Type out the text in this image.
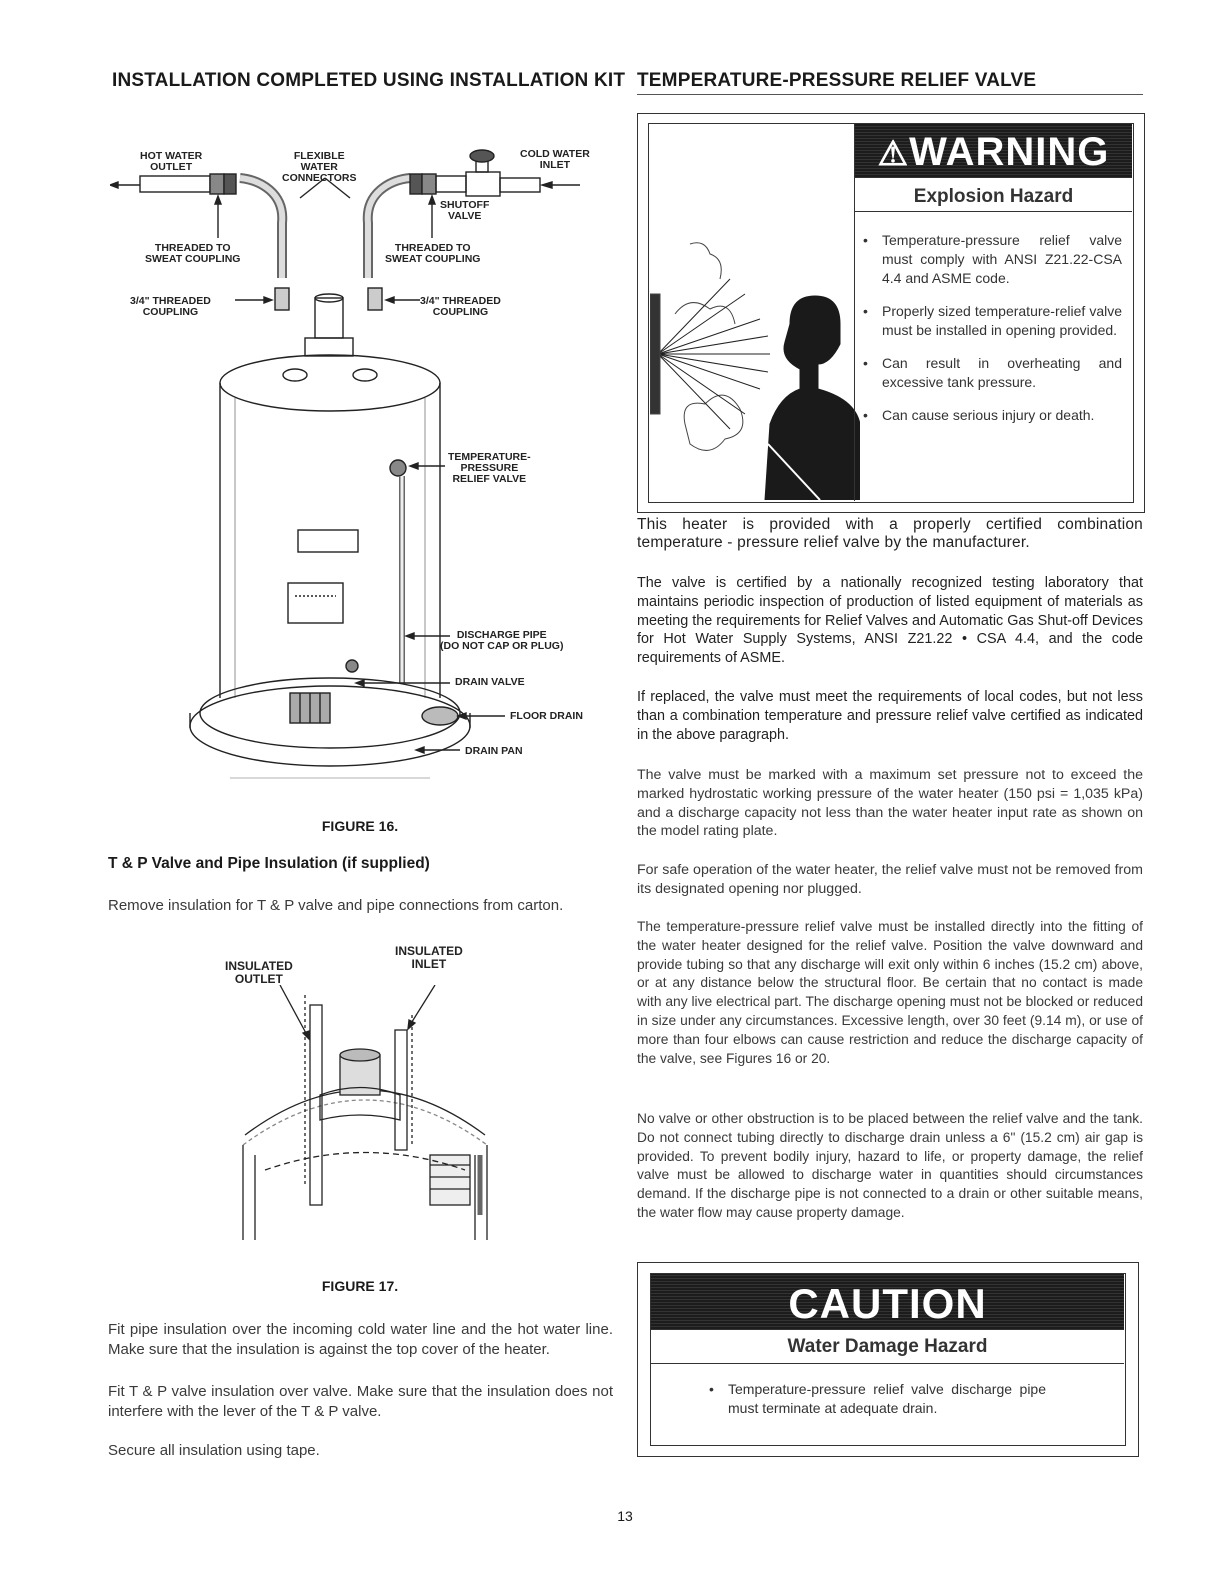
INSTALLATION COMPLETED USING INSTALLATION KIT
HOT WATER
OUTLET
FLEXIBLE
WATER
CONNECTORS
COLD WATER
INLET
SHUTOFF
VALVE
THREADED TO
SWEAT COUPLING
THREADED TO
SWEAT COUPLING
3/4" THREADED
COUPLING
3/4" THREADED
COUPLING
TEMPERATURE-
PRESSURE
RELIEF VALVE
DISCHARGE PIPE
(DO NOT CAP OR PLUG)
DRAIN VALVE
FLOOR DRAIN
DRAIN PAN
FIGURE 16.
T & P Valve and Pipe Insulation (if supplied)
Remove insulation for T & P valve and pipe connections from carton.
INSULATED
OUTLET
INSULATED
INLET
FIGURE 17.
Fit pipe insulation over the incoming cold water line and the hot water line. Make sure that the insulation is against the top cover of the heater.
Fit T & P valve insulation over valve. Make sure that the insulation does not interfere with the lever of the T & P valve.
Secure all insulation using tape.
TEMPERATURE-PRESSURE RELIEF VALVE
⚠WARNING
Explosion Hazard
• Temperature-pressure relief valve must comply with ANSI Z21.22-CSA 4.4 and ASME code.
• Properly sized temperature-relief valve must be installed in opening provided.
• Can result in overheating and excessive tank pressure.
• Can cause serious injury or death.
This heater is provided with a properly certified combination temperature - pressure relief valve by the manufacturer.
The valve is certified by a nationally recognized testing laboratory that maintains periodic inspection of production of listed equipment of materials as meeting the requirements for Relief Valves and Automatic Gas Shut-off Devices for Hot Water Supply Systems, ANSI Z21.22 • CSA 4.4, and the code requirements of ASME.
If replaced, the valve must meet the requirements of local codes, but not less than a combination temperature and pressure relief valve certified as indicated in the above paragraph.
The valve must be marked with a maximum set pressure not to exceed the marked hydrostatic working pressure of the water heater (150 psi = 1,035 kPa) and a discharge capacity not less than the water heater input rate as shown on the model rating plate.
For safe operation of the water heater, the relief valve must not be removed from its designated opening nor plugged.
The temperature-pressure relief valve must be installed directly into the fitting of the water heater designed for the relief valve. Position the valve downward and provide tubing so that any discharge will exit only within 6 inches (15.2 cm) above, or at any distance below the structural floor. Be certain that no contact is made with any live electrical part. The discharge opening must not be blocked or reduced in size under any circumstances. Excessive length, over 30 feet (9.14 m), or use of more than four elbows can cause restriction and reduce the discharge capacity of the valve, see Figures 16 or 20.
No valve or other obstruction is to be placed between the relief valve and the tank. Do not connect tubing directly to discharge drain unless a 6" (15.2 cm) air gap is provided. To prevent bodily injury, hazard to life, or property damage, the relief valve must be allowed to discharge water in quantities should circumstances demand. If the discharge pipe is not connected to a drain or other suitable means, the water flow may cause property damage.
CAUTION
Water Damage Hazard
• Temperature-pressure relief valve discharge pipe must terminate at adequate drain.
13
